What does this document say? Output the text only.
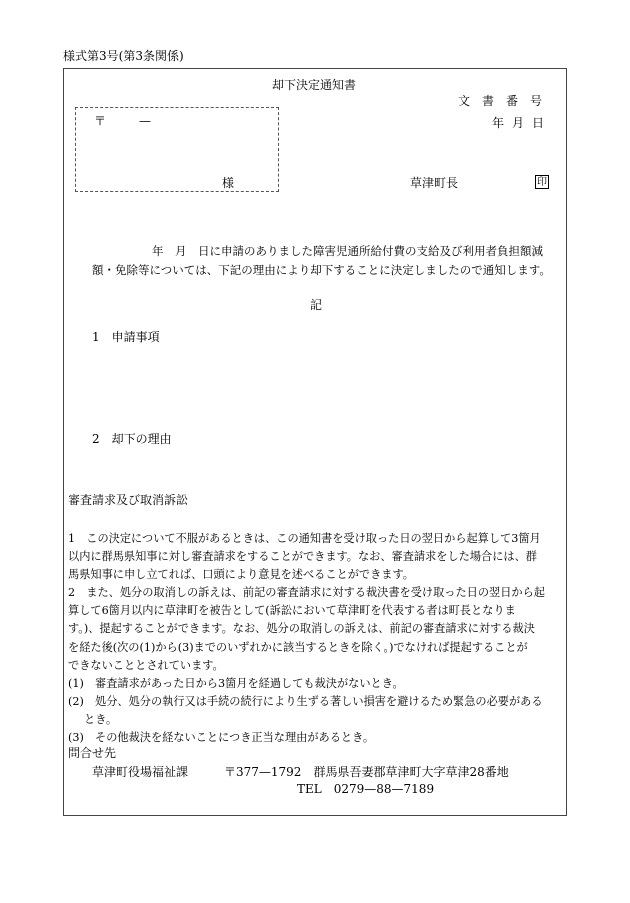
様式第3号(第3条関係)
却下決定通知書
文書番号
年月日
〒	—
様	草津町長	印
年　月　日に申請のありました障害児通所給付費の支給及び利用者負担額減
額・免除等については、下記の理由により却下することに決定しましたので通知します。
記
1　申請事項
2　却下の理由
審査請求及び取消訴訟
1　この決定について不服があるときは、この通知書を受け取った日の翌日から起算して3箇月
以内に群馬県知事に対し審査請求をすることができます。なお、審査請求をした場合には、群
馬県知事に申し立てれば、口頭により意見を述べることができます。
2　また、処分の取消しの訴えは、前記の審査請求に対する裁決書を受け取った日の翌日から起
算して6箇月以内に草津町を被告として(訴訟において草津町を代表する者は町長となりま
す。)、提起することができます。なお、処分の取消しの訴えは、前記の審査請求に対する裁決
を経た後(次の(1)から(3)までのいずれかに該当するときを除く。)でなければ提起することが
できないこととされています。
(1)　審査請求があった日から3箇月を経過しても裁決がないとき。
(2)　処分、処分の執行又は手続の続行により生ずる著しい損害を避けるため緊急の必要がある
とき。
(3)　その他裁決を経ないことにつき正当な理由があるとき。
問合せ先
草津町役場福祉課　　　〒377—1792　群馬県吾妻郡草津町大字草津28番地
TEL　0279—88—7189
